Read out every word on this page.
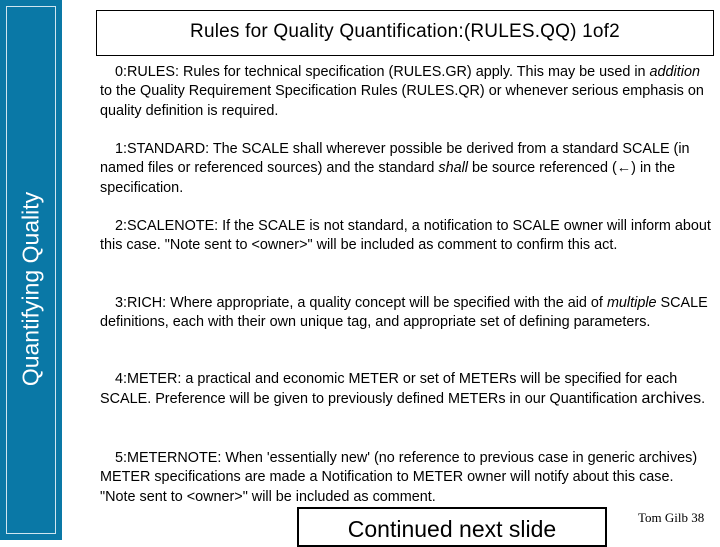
Quantifying Quality
Rules for Quality Quantification:(RULES.QQ) 1of2

0:RULES: Rules for technical specification (RULES.GR) apply. This may be used in addition to the Quality Requirement Specification Rules (RULES.QR) or whenever serious emphasis on quality definition is required.

1:STANDARD: The SCALE shall wherever possible be derived from a standard SCALE (in named files or referenced sources) and the standard shall be source referenced (←) in the specification.

2:SCALENOTE: If the SCALE is not standard, a notification to SCALE owner will inform about this case. "Note sent to <owner>" will be included as comment to confirm this act.

3:RICH: Where appropriate, a quality concept will be specified with the aid of multiple SCALE definitions, each with their own unique tag, and appropriate set of defining parameters.

4:METER: a practical and economic METER or set of METERs will be specified for each SCALE. Preference will be given to previously defined METERs in our Quantification archives.

5:METERNOTE: When 'essentially new' (no reference to previous case in generic archives) METER specifications are made a Notification to METER owner will notify about this case. "Note sent to <owner>" will be included as comment.

Continued next slide	Tom Gilb 38
